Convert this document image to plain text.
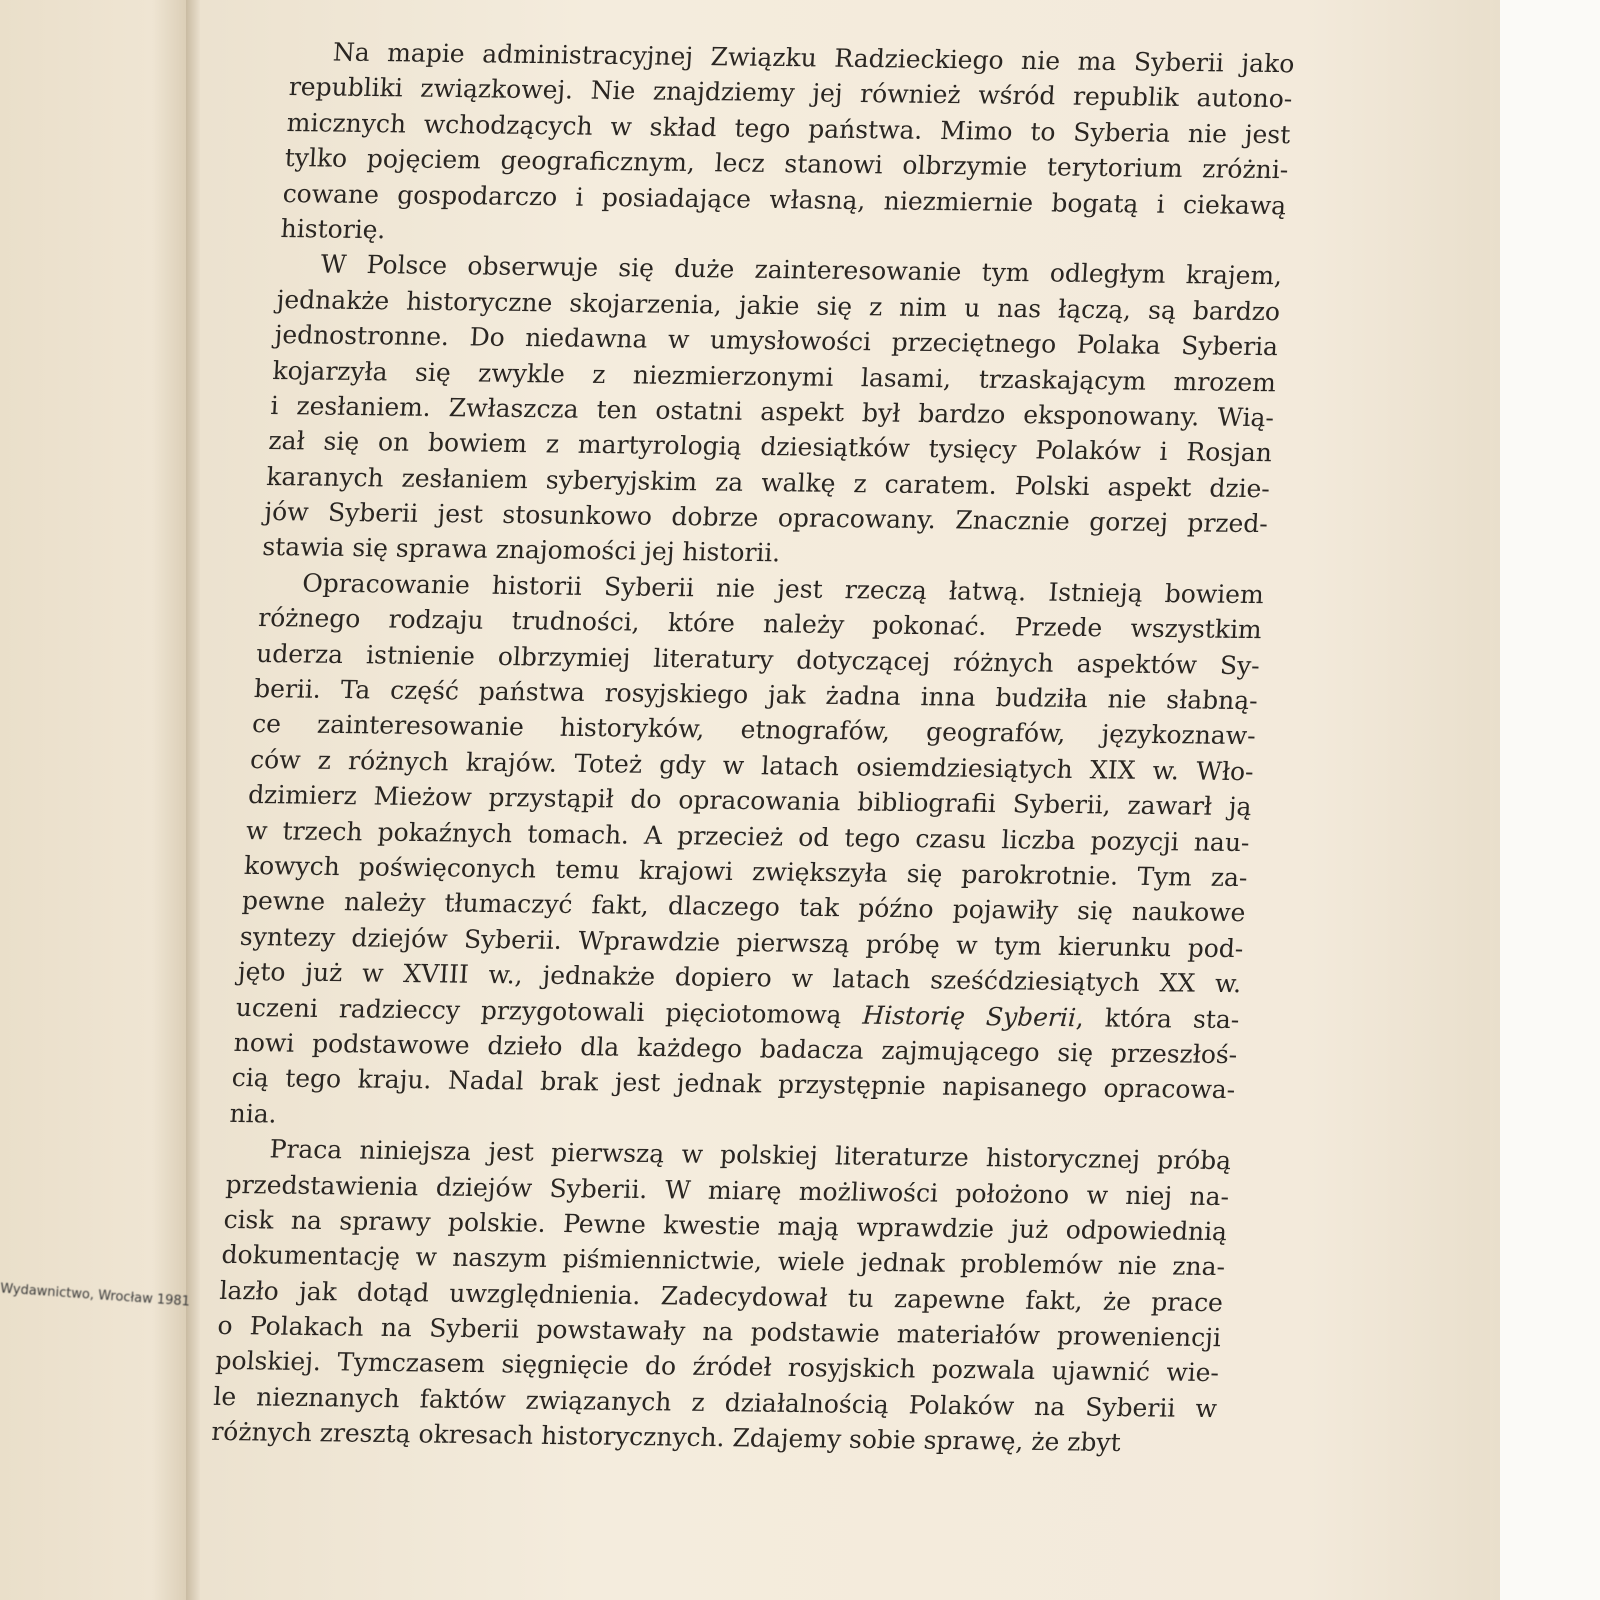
Wydawnictwo, Wrocław 1981
Na mapie administracyjnej Związku Radzieckiego nie ma Syberii jako
republiki związkowej. Nie znajdziemy jej również wśród republik autono-
micznych wchodzących w skład tego państwa. Mimo to Syberia nie jest
tylko pojęciem geograficznym, lecz stanowi olbrzymie terytorium zróżni-
cowane gospodarczo i posiadające własną, niezmiernie bogatą i ciekawą
historię.
W Polsce obserwuje się duże zainteresowanie tym odległym krajem,
jednakże historyczne skojarzenia, jakie się z nim u nas łączą, są bardzo
jednostronne. Do niedawna w umysłowości przeciętnego Polaka Syberia
kojarzyła się zwykle z niezmierzonymi lasami, trzaskającym mrozem
i zesłaniem. Zwłaszcza ten ostatni aspekt był bardzo eksponowany. Wią-
zał się on bowiem z martyrologią dziesiątków tysięcy Polaków i Rosjan
karanych zesłaniem syberyjskim za walkę z caratem. Polski aspekt dzie-
jów Syberii jest stosunkowo dobrze opracowany. Znacznie gorzej przed-
stawia się sprawa znajomości jej historii.
Opracowanie historii Syberii nie jest rzeczą łatwą. Istnieją bowiem
różnego rodzaju trudności, które należy pokonać. Przede wszystkim
uderza istnienie olbrzymiej literatury dotyczącej różnych aspektów Sy-
berii. Ta część państwa rosyjskiego jak żadna inna budziła nie słabną-
ce zainteresowanie historyków, etnografów, geografów, językoznaw-
ców z różnych krajów. Toteż gdy w latach osiemdziesiątych XIX w. Wło-
dzimierz Mieżow przystąpił do opracowania bibliografii Syberii, zawarł ją
w trzech pokaźnych tomach. A przecież od tego czasu liczba pozycji nau-
kowych poświęconych temu krajowi zwiększyła się parokrotnie. Tym za-
pewne należy tłumaczyć fakt, dlaczego tak późno pojawiły się naukowe
syntezy dziejów Syberii. Wprawdzie pierwszą próbę w tym kierunku pod-
jęto już w XVIII w., jednakże dopiero w latach sześćdziesiątych XX w.
uczeni radzieccy przygotowali pięciotomową Historię Syberii, która sta-
nowi podstawowe dzieło dla każdego badacza zajmującego się przeszłoś-
cią tego kraju. Nadal brak jest jednak przystępnie napisanego opracowa-
nia.
Praca niniejsza jest pierwszą w polskiej literaturze historycznej próbą
przedstawienia dziejów Syberii. W miarę możliwości położono w niej na-
cisk na sprawy polskie. Pewne kwestie mają wprawdzie już odpowiednią
dokumentację w naszym piśmiennictwie, wiele jednak problemów nie zna-
lazło jak dotąd uwzględnienia. Zadecydował tu zapewne fakt, że prace
o Polakach na Syberii powstawały na podstawie materiałów proweniencji
polskiej. Tymczasem sięgnięcie do źródeł rosyjskich pozwala ujawnić wie-
le nieznanych faktów związanych z działalnością Polaków na Syberii w
różnych zresztą okresach historycznych. Zdajemy sobie sprawę, że zbyt
